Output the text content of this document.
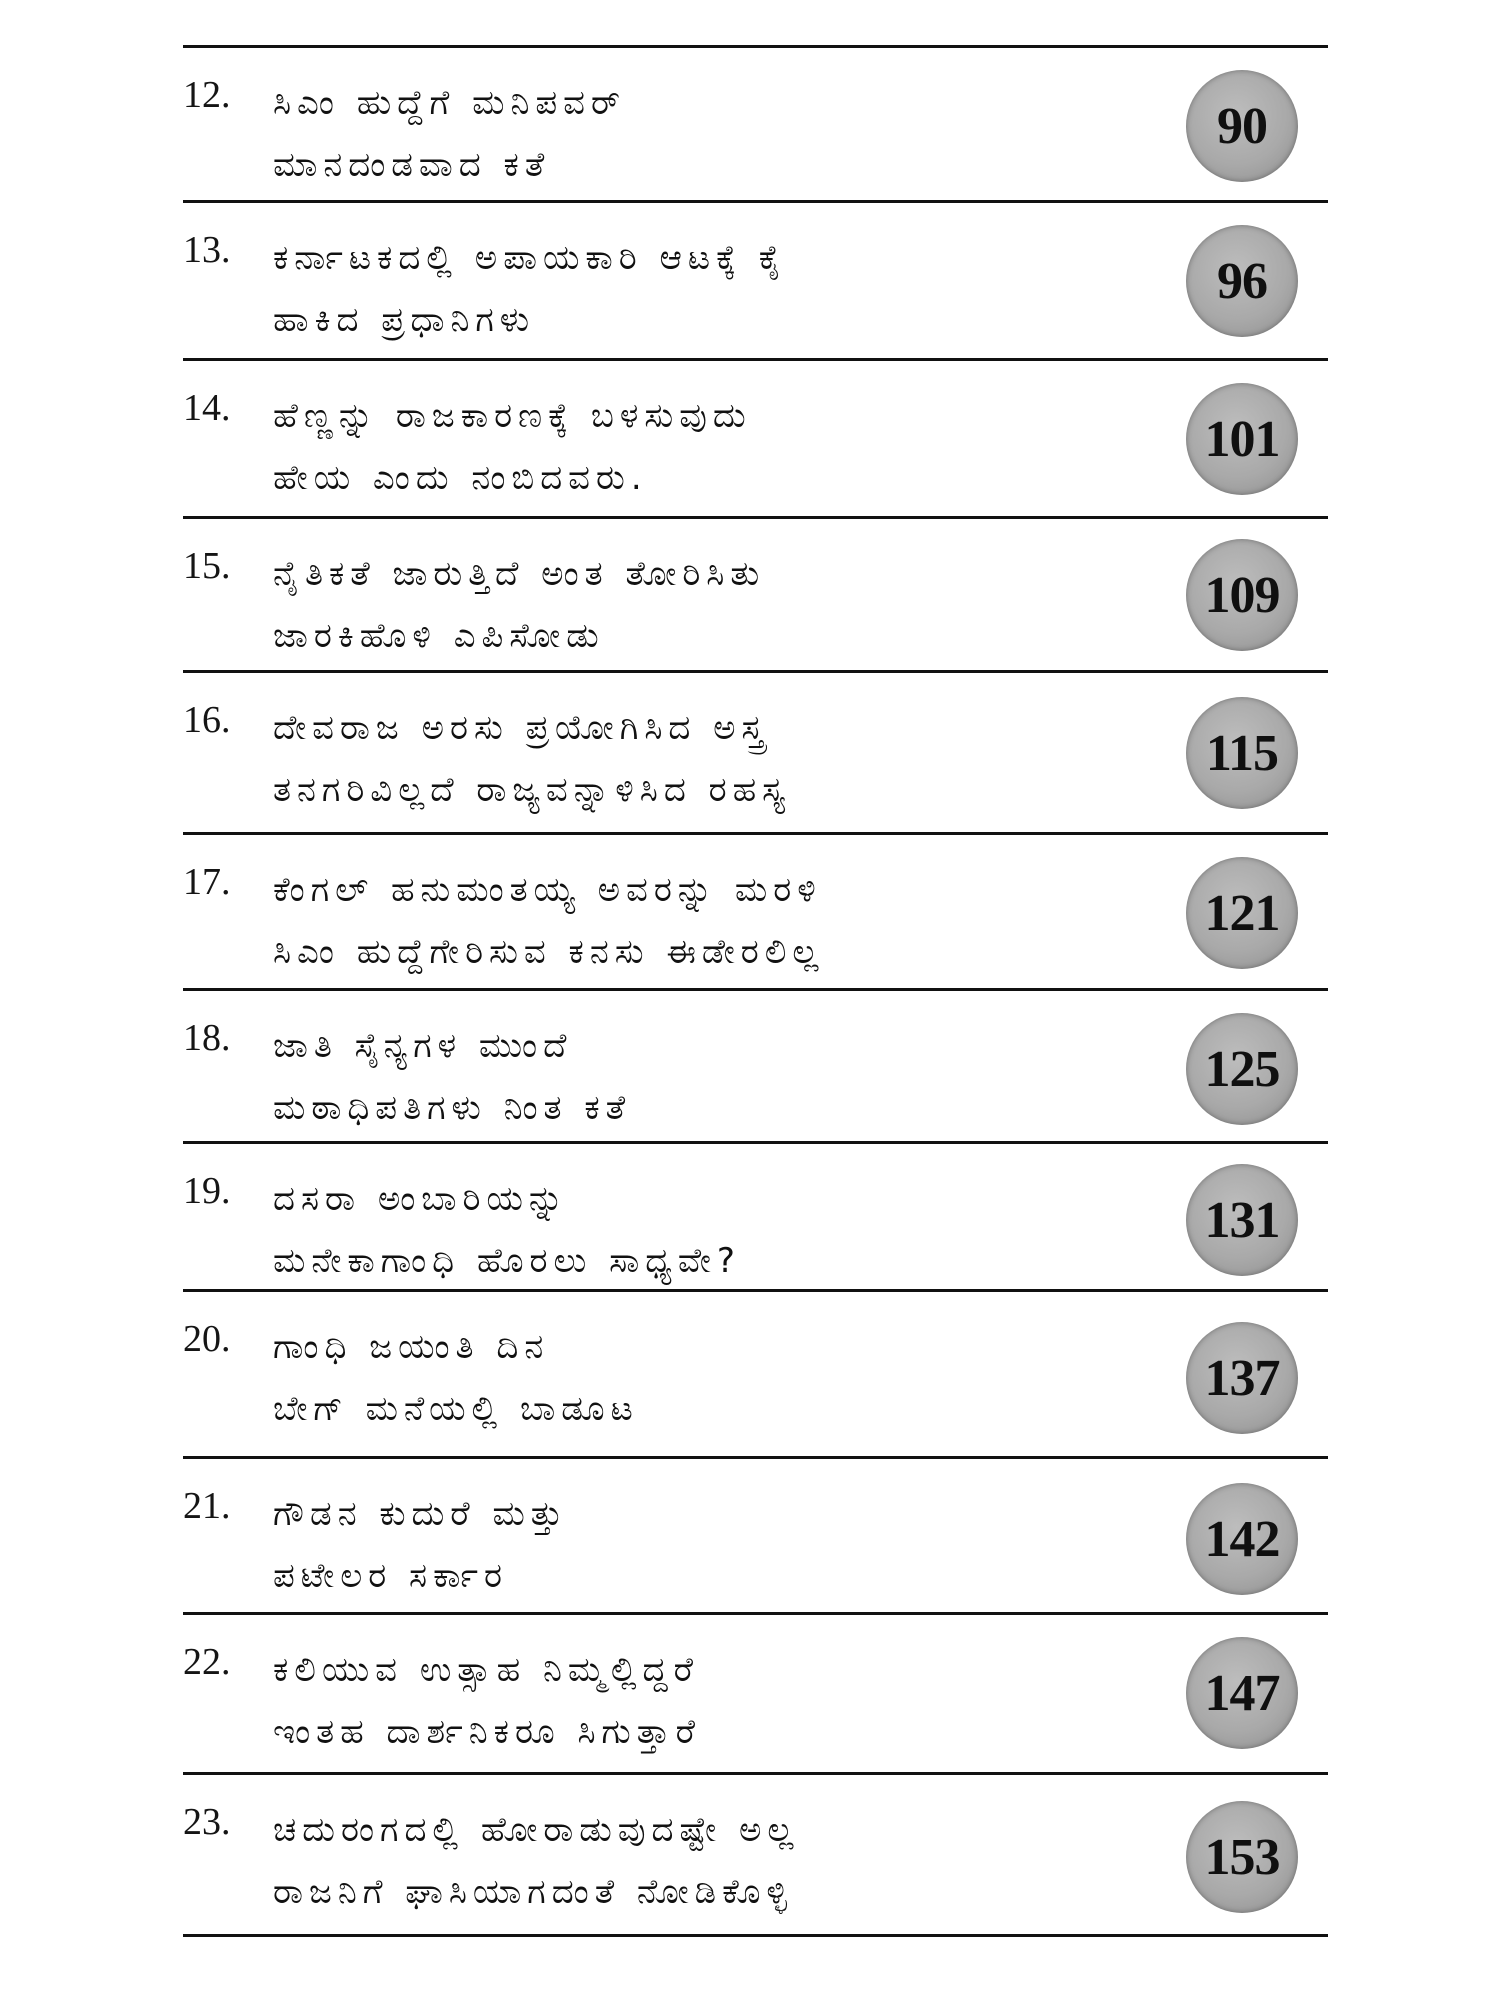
12. ಸಿಎಂ ಹುದ್ದೆಗೆ ಮನಿಪವರ್
ಮಾನದಂಡವಾದ ಕತೆ
90
13. ಕರ್ನಾಟಕದಲ್ಲಿ ಅಪಾಯಕಾರಿ ಆಟಕ್ಕೆ ಕೈ
ಹಾಕಿದ ಪ್ರಧಾನಿಗಳು
96
14. ಹೆಣ್ಣನ್ನು ರಾಜಕಾರಣಕ್ಕೆ ಬಳಸುವುದು
ಹೇಯ ಎಂದು ನಂಬಿದವರು.
101
15. ನೈತಿಕತೆ ಜಾರುತ್ತಿದೆ ಅಂತ ತೋರಿಸಿತು
ಜಾರಕಿಹೊಳಿ ಎಪಿಸೋಡು
109
16. ದೇವರಾಜ ಅರಸು ಪ್ರಯೋಗಿಸಿದ ಅಸ್ತ್ರ
ತನಗರಿವಿಲ್ಲದೆ ರಾಜ್ಯವನ್ನಾಳಿಸಿದ ರಹಸ್ಯ
115
17. ಕೆಂಗಲ್ ಹನುಮಂತಯ್ಯ ಅವರನ್ನು ಮರಳಿ
ಸಿಎಂ ಹುದ್ದೆಗೇರಿಸುವ ಕನಸು ಈಡೇರಲಿಲ್ಲ
121
18. ಜಾತಿ ಸೈನ್ಯಗಳ ಮುಂದೆ
ಮಠಾಧಿಪತಿಗಳು ನಿಂತ ಕತೆ
125
19. ದಸರಾ ಅಂಬಾರಿಯನ್ನು
ಮನೇಕಾಗಾಂಧಿ ಹೊರಲು ಸಾಧ್ಯವೇ?
131
20. ಗಾಂಧಿ ಜಯಂತಿ ದಿನ
ಬೇಗ್ ಮನೆಯಲ್ಲಿ ಬಾಡೂಟ
137
21. ಗೌಡನ ಕುದುರೆ ಮತ್ತು
ಪಟೇಲರ ಸರ್ಕಾರ
142
22. ಕಲಿಯುವ ಉತ್ಸಾಹ ನಿಮ್ಮಲ್ಲಿದ್ದರೆ
ಇಂತಹ ದಾರ್ಶನಿಕರೂ ಸಿಗುತ್ತಾರೆ
147
23. ಚದುರಂಗದಲ್ಲಿ ಹೋರಾಡುವುದಷ್ಟೇ ಅಲ್ಲ
ರಾಜನಿಗೆ ಘಾಸಿಯಾಗದಂತೆ ನೋಡಿಕೊಳ್ಳಿ
153
